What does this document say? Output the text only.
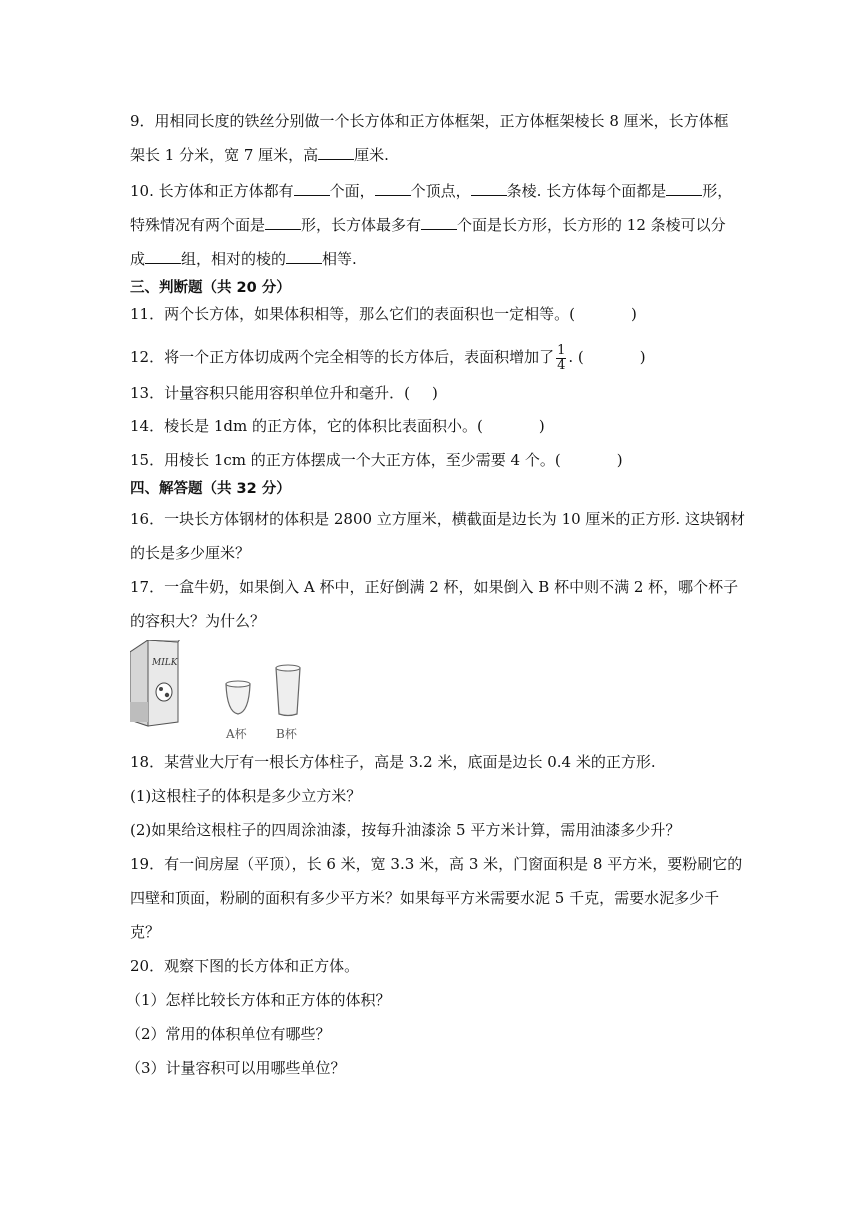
9．用相同长度的铁丝分别做一个长方体和正方体框架，正方体框架棱长 8 厘米，长方体框
架长 1 分米，宽 7 厘米，高 厘米.
10. 长方体和正方体都有 个面， 个顶点， 条棱. 长方体每个面都是 形，
特殊情况有两个面是 形，长方体最多有 个面是长方形，长方形的 12 条棱可以分
成 组，相对的棱的 相等.
三、判断题（共 20 分）
11．两个长方体，如果体积相等，那么它们的表面积也一定相等。(	)
12．将一个正方体切成两个完全相等的长方体后，表面积增加了 $\frac{1}{4}$ . (	)
13．计量容积只能用容积单位升和毫升．( )
14．棱长是 1dm 的正方体，它的体积比表面积小。(	)
15．用棱长 1cm 的正方体摆成一个大正方体，至少需要 4 个。(	)
四、解答题（共 32 分）
16．一块长方体钢材的体积是 2800 立方厘米，横截面是边长为 10 厘米的正方形. 这块钢材
的长是多少厘米？
17．一盒牛奶，如果倒入 A 杯中，正好倒满 2 杯，如果倒入 B 杯中则不满 2 杯，哪个杯子
的容积大？为什么？
MILK
A杯 B杯
18．某营业大厅有一根长方体柱子，高是 3.2 米，底面是边长 0.4 米的正方形.
(1)这根柱子的体积是多少立方米？
(2)如果给这根柱子的四周涂油漆，按每升油漆涂 5 平方米计算，需用油漆多少升？
19．有一间房屋（平顶），长 6 米，宽 3.3 米，高 3 米，门窗面积是 8 平方米，要粉刷它的
四壁和顶面，粉刷的面积有多少平方米？如果每平方米需要水泥 5 千克，需要水泥多少千
克？
20．观察下图的长方体和正方体。
（1）怎样比较长方体和正方体的体积？
（2）常用的体积单位有哪些？
（3）计量容积可以用哪些单位？
